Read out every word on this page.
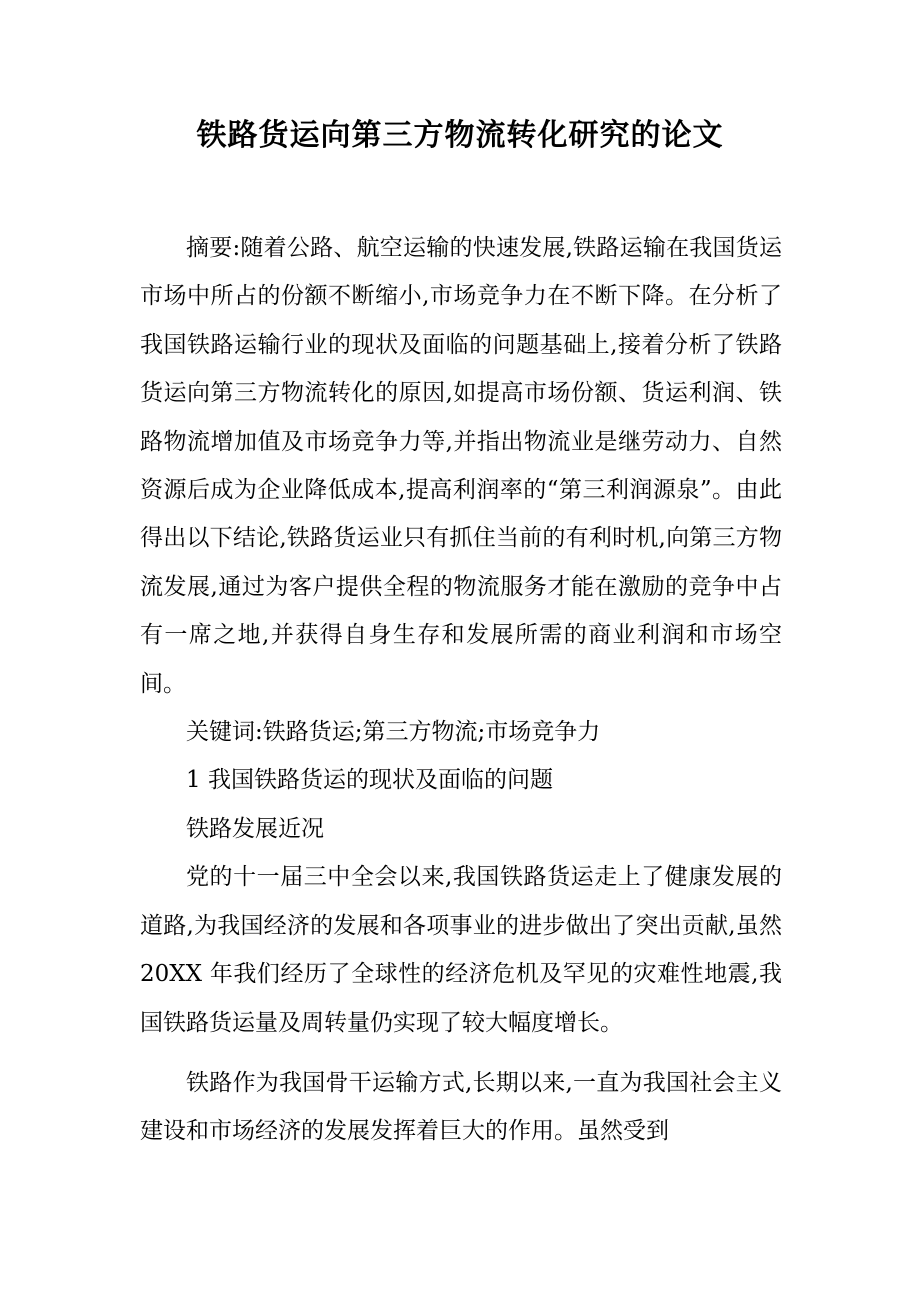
铁路货运向第三方物流转化研究的论文

摘要:随着公路、航空运输的快速发展,铁路运输在我国货运市场中所占的份额不断缩小,市场竞争力在不断下降。在分析了我国铁路运输行业的现状及面临的问题基础上,接着分析了铁路货运向第三方物流转化的原因,如提高市场份额、货运利润、铁路物流增加值及市场竞争力等,并指出物流业是继劳动力、自然资源后成为企业降低成本,提高利润率的“第三利润源泉”。由此得出以下结论,铁路货运业只有抓住当前的有利时机,向第三方物流发展,通过为客户提供全程的物流服务才能在激励的竞争中占有一席之地,并获得自身生存和发展所需的商业利润和市场空间。

关键词:铁路货运;第三方物流;市场竞争力

1 我国铁路货运的现状及面临的问题

铁路发展近况

党的十一届三中全会以来,我国铁路货运走上了健康发展的道路,为我国经济的发展和各项事业的进步做出了突出贡献,虽然 20XX 年我们经历了全球性的经济危机及罕见的灾难性地震,我国铁路货运量及周转量仍实现了较大幅度增长。

铁路作为我国骨干运输方式,长期以来,一直为我国社会主义建设和市场经济的发展发挥着巨大的作用。虽然受到
